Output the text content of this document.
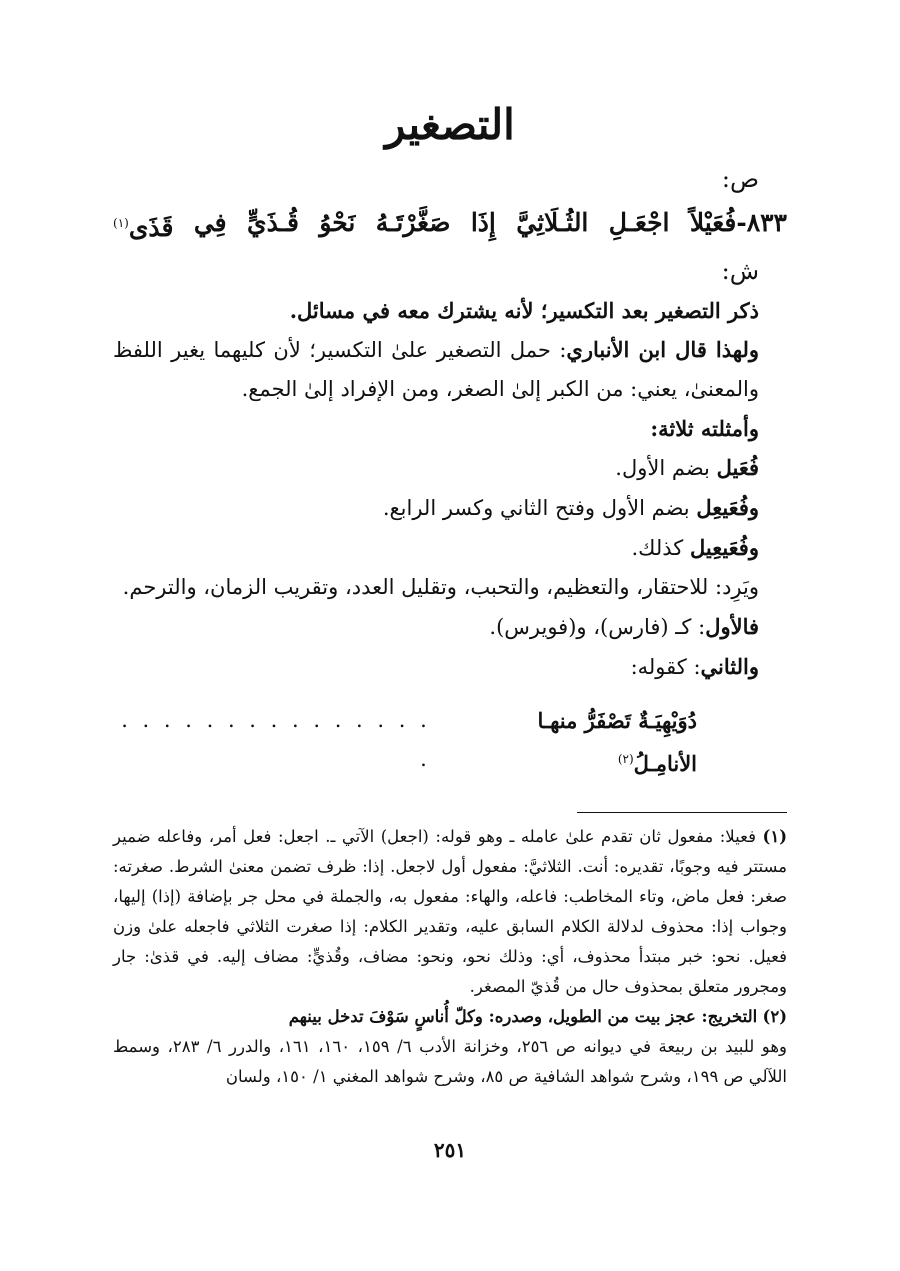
التصغير

ص:

٨٣٣-فُعَيْلاً
اجْعَـلِ
الثُـلَاثِيَّ
إِذَا
صَغَّرْتَـهُ
نَحْوُ
قُـذَيٍّ
فِي
قَذَى(١)

ش:

ذكر التصغير بعد التكسير؛ لأنه يشترك معه في مسائل.

ولهذا قال ابن الأنباري: حمل التصغير علىٰ التكسير؛ لأن كليهما يغير اللفظ والمعنىٰ، يعني: من الكبر إلىٰ الصغر، ومن الإفراد إلىٰ الجمع.

وأمثلته ثلاثة:

فُعَيل بضم الأول.

وفُعَيعِل بضم الأول وفتح الثاني وكسر الرابع.

وفُعَيعِيل كذلك.

ويَرِد: للاحتقار، والتعظيم، والتحبب، وتقليل العدد، وتقريب الزمان، والترحم.

فالأول: كـ (فارس)، و(فويرس).

والثاني: كقوله:

دُوَيْهِيَـةٌ تَصْفَرُّ منهـا الأنامِـلُ$^{(٢)}$
. . . . . . . . . . . . . . . .

(١) فعيلا: مفعول ثان تقدم علىٰ عامله ـ وهو قوله: (اجعل) الآتي ـ. اجعل: فعل أمر، وفاعله ضمير مستتر فيه وجوبًا، تقديره: أنت. الثلاثيَّ: مفعول أول لاجعل. إذا: ظرف تضمن معنىٰ الشرط. صغرته: صغر: فعل ماض، وتاء المخاطب: فاعله، والهاء: مفعول به، والجملة في محل جر بإضافة (إذا) إليها، وجواب إذا: محذوف لدلالة الكلام السابق عليه، وتقدير الكلام: إذا صغرت الثلاثي فاجعله علىٰ وزن فعيل. نحو: خبر مبتدأ محذوف، أي: وذلك نحو، ونحو: مضاف، وقُذيٍّ: مضاف إليه. في قذىٰ: جار ومجرور متعلق بمحذوف حال من قُذيّ المصغر.

(٢) التخريج: عجز بيت من الطويل، وصدره: وكلّ أُناسٍ سَوْفَ تدخل بينهم

وهو للبيد بن ربيعة في ديوانه ص ٢٥٦، وخزانة الأدب ٦/ ١٥٩، ١٦٠، ١٦١، والدرر ٦/ ٢٨٣، وسمط اللآلي ص ١٩٩، وشرح شواهد الشافية ص ٨٥، وشرح شواهد المغني ١/ ١٥٠، ولسان

٢٥١
